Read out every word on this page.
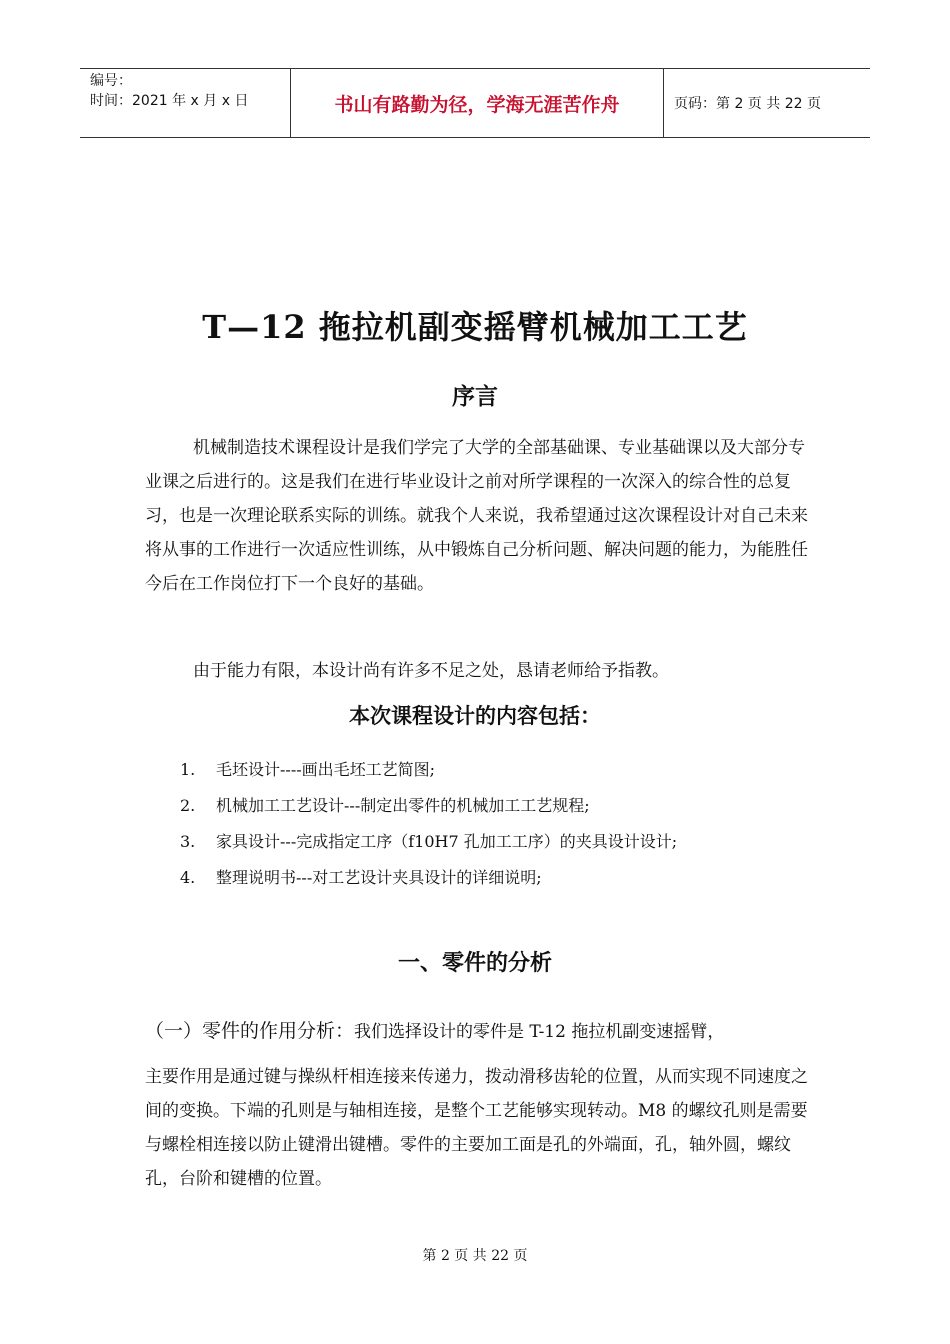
编号：
时间：2021 年 x 月 x 日	书山有路勤为径，学海无涯苦作舟	页码：第 2 页 共 22 页
T—12 拖拉机副变摇臂机械加工工艺
序言

机械制造技术课程设计是我们学完了大学的全部基础课、专业基础课以及大部分专业课之后进行的。这是我们在进行毕业设计之前对所学课程的一次深入的综合性的总复习，也是一次理论联系实际的训练。就我个人来说，我希望通过这次课程设计对自己未来将从事的工作进行一次适应性训练，从中锻炼自己分析问题、解决问题的能力，为能胜任今后在工作岗位打下一个良好的基础。

由于能力有限，本设计尚有许多不足之处，恳请老师给予指教。

本次课程设计的内容包括：
1.	毛坯设计----画出毛坯工艺简图;
2.	机械加工工艺设计---制定出零件的机械加工工艺规程;
3.	家具设计---完成指定工序（f10H7 孔加工工序）的夹具设计设计;
4.	整理说明书---对工艺设计夹具设计的详细说明;
一、零件的分析
（一）零件的作用分析：我们选择设计的零件是 T-12 拖拉机副变速摇臂，
主要作用是通过键与操纵杆相连接来传递力，拨动滑移齿轮的位置，从而实现不同速度之间的变换。下端的孔则是与轴相连接，是整个工艺能够实现转动。M8 的螺纹孔则是需要与螺栓相连接以防止键滑出键槽。零件的主要加工面是孔的外端面，孔，轴外圆，螺纹孔，台阶和键槽的位置。
第 2 页 共 22 页
